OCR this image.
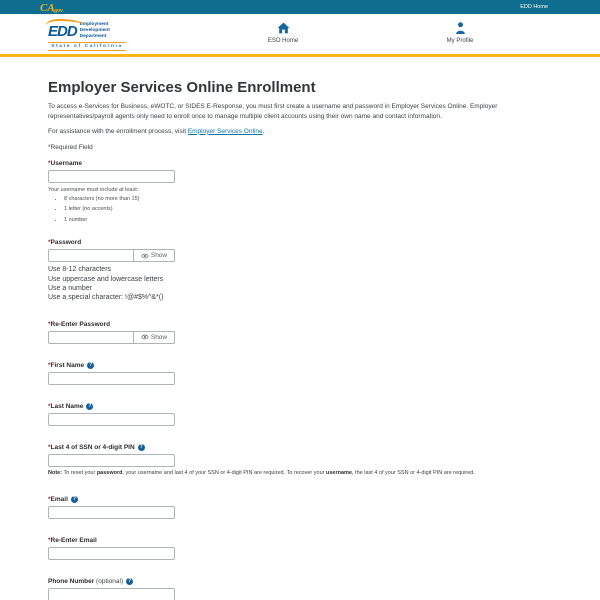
CA.gov
EDD Home
EDD Employment
Development
Department
State of California
ESO Home	My Profile
Employer Services Online Enrollment

To access e-Services for Business, eWOTC, or SIDES E-Response, you must first create a username and password in Employer Services Online. Employer representatives/payroll agents only need to enroll once to manage multiple client accounts using their own name and contact information.

For assistance with the enrollment process, visit Employer Services Online.

*Required Field

*Username
Your username must include at least:
• 8 characters (no more than 15)
• 1 letter (no accents)
• 1 number
*Password
Show
Use 8-12 characters
Use uppercase and lowercase letters
Use a number
Use a special character: !@#$%^&*()
*Re-Enter Password
Show
*First Name ?
*Last Name ?
*Last 4 of SSN or 4-digit PIN ?
Note: To reset your password, your username and last 4 of your SSN or 4-digit PIN are required. To recover your username, the last 4 of your SSN or 4-digit PIN are required.
*Email ?
*Re-Enter Email
Phone Number (optional) ?
